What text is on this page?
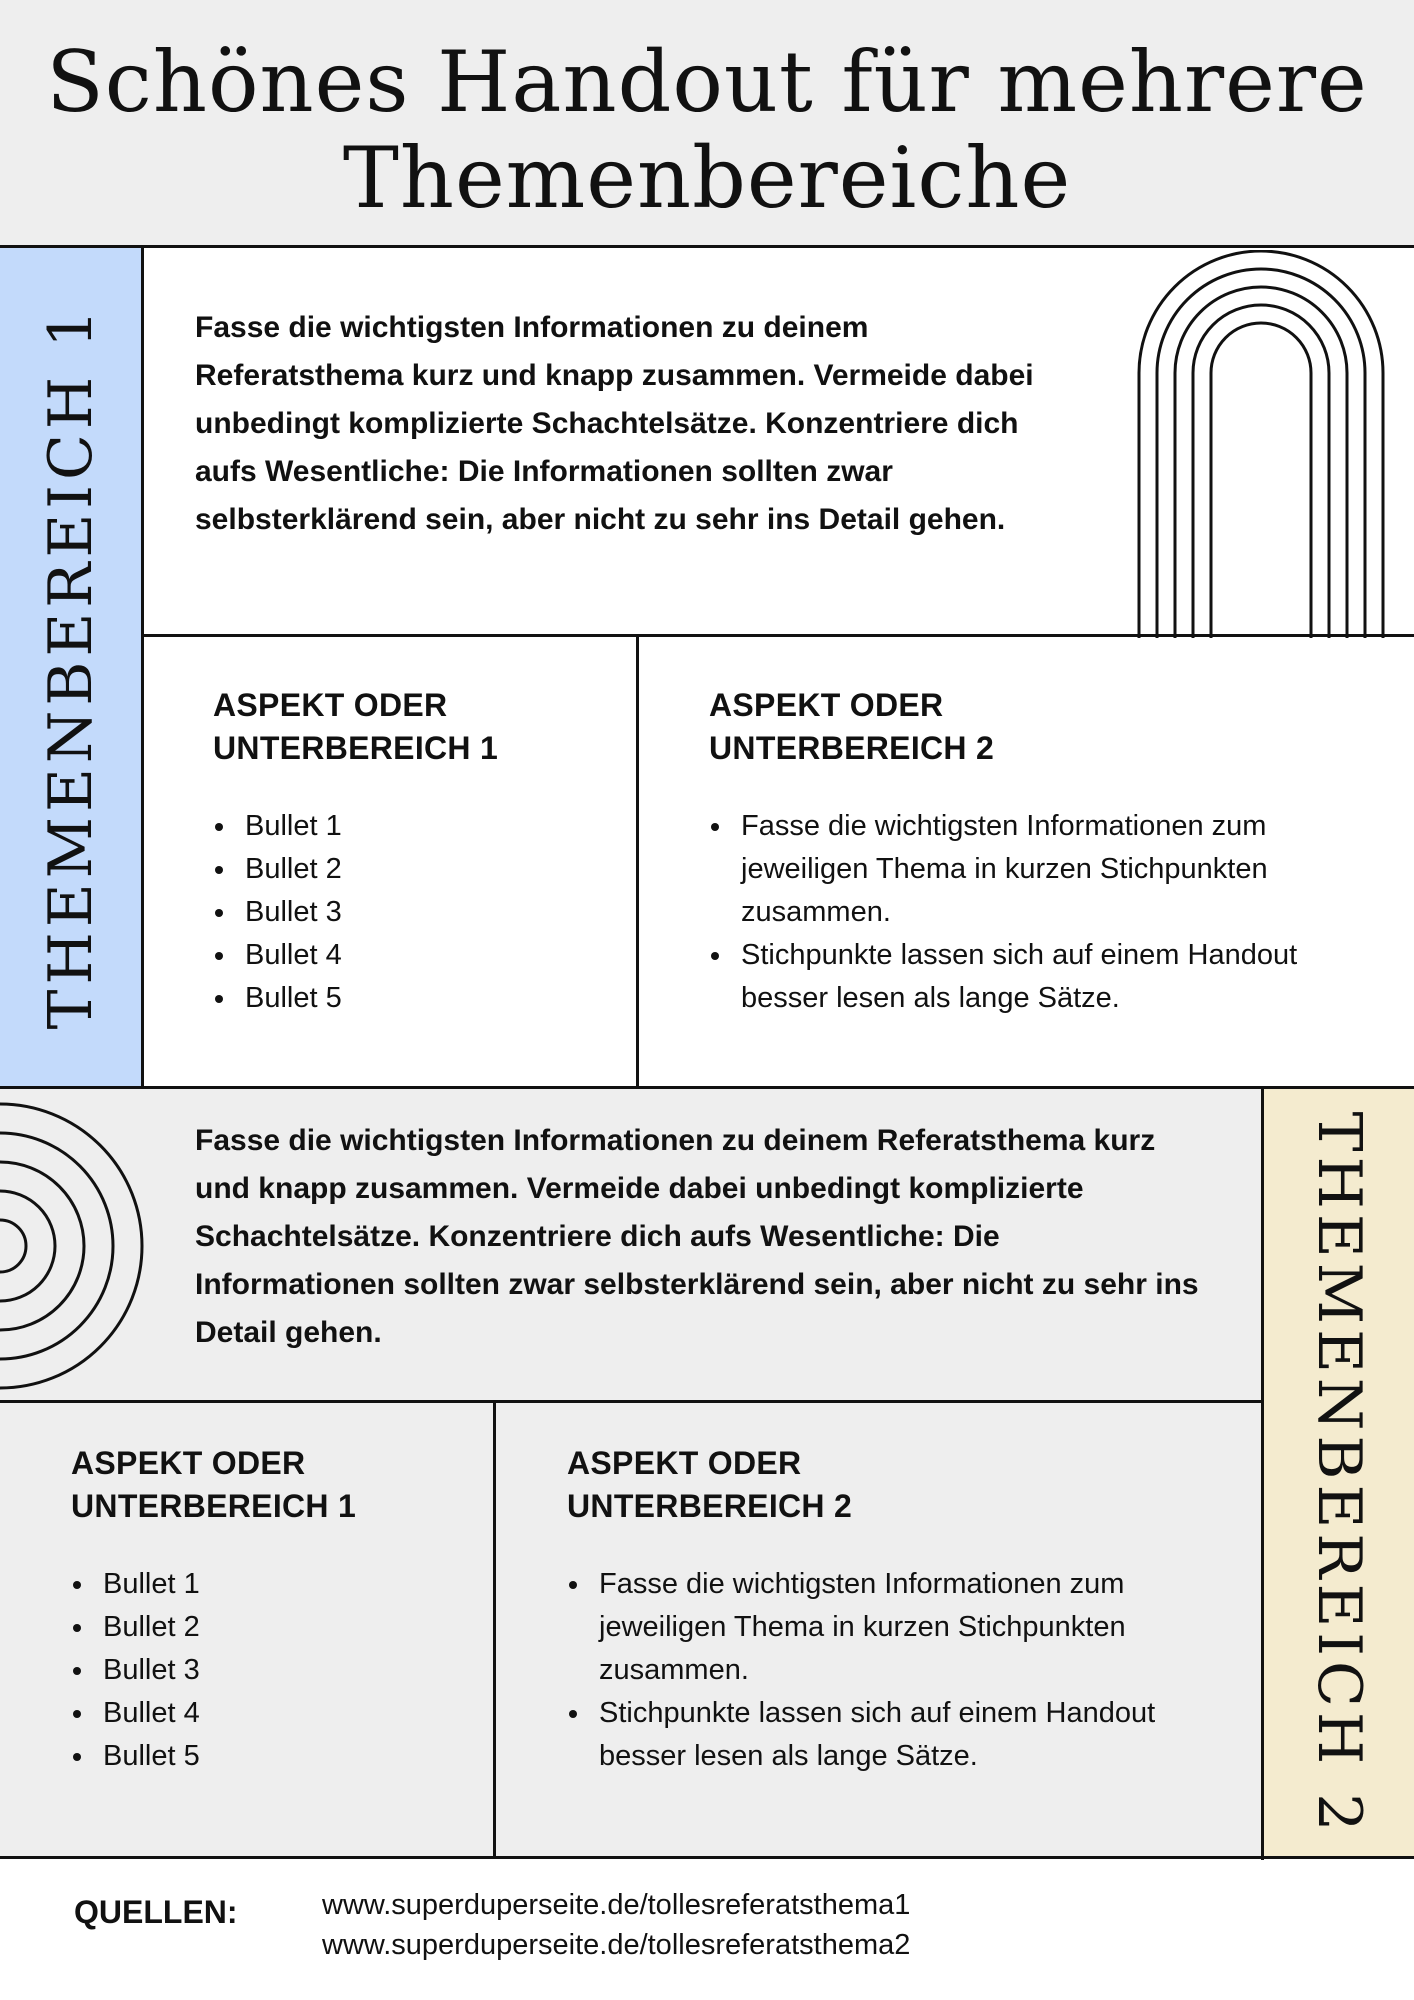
Schönes Handout für mehrere
Themenbereiche
THEMENBEREICH 1
THEMENBEREICH 2

Fasse die wichtigsten Informationen zu deinem Referatsthema kurz und knapp zusammen. Vermeide dabei unbedingt komplizierte Schachtelsätze. Konzentriere dich aufs Wesentliche: Die Informationen sollten zwar selbsterklärend sein, aber nicht zu sehr ins Detail gehen.

ASPEKT ODER
UNTERBEREICH 1
Bullet 1
Bullet 2
Bullet 3
Bullet 4
Bullet 5
ASPEKT ODER
UNTERBEREICH 2
Fasse die wichtigsten Informationen zum jeweiligen Thema in kurzen Stichpunkten zusammen.
Stichpunkte lassen sich auf einem Handout besser lesen als lange Sätze.

Fasse die wichtigsten Informationen zu deinem Referatsthema kurz und knapp zusammen. Vermeide dabei unbedingt komplizierte Schachtelsätze. Konzentriere dich aufs Wesentliche: Die Informationen sollten zwar selbsterklärend sein, aber nicht zu sehr ins Detail gehen.

ASPEKT ODER
UNTERBEREICH 1
Bullet 1
Bullet 2
Bullet 3
Bullet 4
Bullet 5
ASPEKT ODER
UNTERBEREICH 2
Fasse die wichtigsten Informationen zum jeweiligen Thema in kurzen Stichpunkten zusammen.
Stichpunkte lassen sich auf einem Handout besser lesen als lange Sätze.

QUELLEN:	www.superduperseite.de/tollesreferatsthema1
www.superduperseite.de/tollesreferatsthema2
